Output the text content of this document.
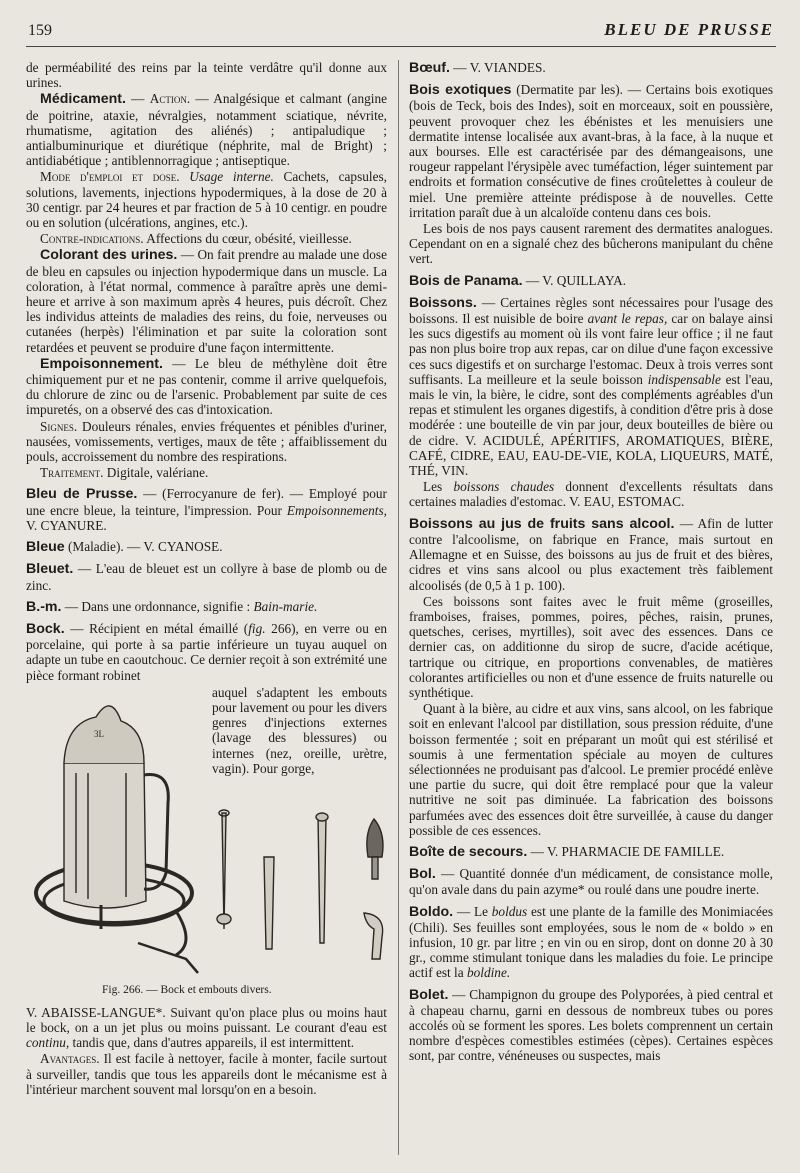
159	BLEU DE PRUSSE

de perméabilité des reins par la teinte verdâtre qu'il donne aux urines.

Médicament. — Action. — Analgésique et calmant (angine de poitrine, ataxie, névralgies, notamment sciatique, névrite, rhumatisme, agitation des aliénés) ; antipaludique ; antialbuminurique et diurétique (néphrite, mal de Bright) ; antidiabétique ; antiblennorragique ; antiseptique.

Mode d'emploi et dose. Usage interne. Cachets, capsules, solutions, lavements, injections hypodermiques, à la dose de 20 à 30 centigr. par 24 heures et par fraction de 5 à 10 centigr. en poudre ou en solution (ulcérations, angines, etc.).

Contre-indications. Affections du cœur, obésité, vieillesse.

Colorant des urines. — On fait prendre au malade une dose de bleu en capsules ou injection hypodermique dans un muscle. La coloration, à l'état normal, commence à paraître après une demi-heure et arrive à son maximum après 4 heures, puis décroît. Chez les individus atteints de maladies des reins, du foie, nerveuses ou cutanées (herpès) l'élimination et par suite la coloration sont retardées et peuvent se produire d'une façon intermittente.

Empoisonnement. — Le bleu de méthylène doit être chimiquement pur et ne pas contenir, comme il arrive quelquefois, du chlorure de zinc ou de l'arsenic. Probablement par suite de ces impuretés, on a observé des cas d'intoxication.

Signes. Douleurs rénales, envies fréquentes et pénibles d'uriner, nausées, vomissements, vertiges, maux de tête ; affaiblissement du pouls, accroissement du nombre des respirations.

Traitement. Digitale, valériane.

Bleu de Prusse. — (Ferrocyanure de fer). — Employé pour une encre bleue, la teinture, l'impression. Pour Empoisonnements, V. CYANURE.

Bleue (Maladie). — V. CYANOSE.

Bleuet. — L'eau de bleuet est un collyre à base de plomb ou de zinc.

B.-m. — Dans une ordonnance, signifie : Bain-marie.

Bock. — Récipient en métal émaillé (fig. 266), en verre ou en porcelaine, qui porte à sa partie inférieure un tuyau auquel on adapte un tube en caoutchouc. Ce dernier reçoit à son extrémité une pièce formant robinet

3L

auquel s'adaptent les embouts pour lavement ou pour les divers genres d'injections externes (lavage des blessures) ou internes (nez, oreille, urètre, vagin). Pour gorge,

Fig. 266. — Bock et embouts divers.

V. ABAISSE-LANGUE*. Suivant qu'on place plus ou moins haut le bock, on a un jet plus ou moins puissant. Le courant d'eau est continu, tandis que, dans d'autres appareils, il est intermittent.

Avantages. Il est facile à nettoyer, facile à monter, facile surtout à surveiller, tandis que tous les appareils dont le mécanisme est à l'intérieur marchent souvent mal lorsqu'on en a besoin.

Bœuf. — V. VIANDES.

Bois exotiques (Dermatite par les). — Certains bois exotiques (bois de Teck, bois des Indes), soit en morceaux, soit en poussière, peuvent provoquer chez les ébénistes et les menuisiers une dermatite intense localisée aux avant-bras, à la face, à la nuque et aux bourses. Elle est caractérisée par des démangeaisons, une rougeur rappelant l'érysipèle avec tuméfaction, léger suintement par endroits et formation consécutive de fines croûtelettes à couleur de miel. Une première atteinte prédispose à de nouvelles. Cette irritation paraît due à un alcaloïde contenu dans ces bois.

Les bois de nos pays causent rarement des dermatites analogues. Cependant on en a signalé chez des bûcherons manipulant du chêne vert.

Bois de Panama. — V. QUILLAYA.

Boissons. — Certaines règles sont nécessaires pour l'usage des boissons. Il est nuisible de boire avant le repas, car on balaye ainsi les sucs digestifs au moment où ils vont faire leur office ; il ne faut pas non plus boire trop aux repas, car on dilue d'une façon excessive ces sucs digestifs et on surcharge l'estomac. Deux à trois verres sont suffisants. La meilleure et la seule boisson indispensable est l'eau, mais le vin, la bière, le cidre, sont des compléments agréables d'un repas et stimulent les organes digestifs, à condition d'être pris à dose modérée : une bouteille de vin par jour, deux bouteilles de bière ou de cidre. V. ACIDULÉ, APÉRITIFS, AROMATIQUES, BIÈRE, CAFÉ, CIDRE, EAU, EAU-DE-VIE, KOLA, LIQUEURS, MATÉ, THÉ, VIN.

Les boissons chaudes donnent d'excellents résultats dans certaines maladies d'estomac. V. EAU, ESTOMAC.

Boissons au jus de fruits sans alcool. — Afin de lutter contre l'alcoolisme, on fabrique en France, mais surtout en Allemagne et en Suisse, des boissons au jus de fruit et des bières, cidres et vins sans alcool ou plus exactement très faiblement alcoolisés (de 0,5 à 1 p. 100).

Ces boissons sont faites avec le fruit même (groseilles, framboises, fraises, pommes, poires, pêches, raisin, prunes, quetsches, cerises, myrtilles), soit avec des essences. Dans ce dernier cas, on additionne du sirop de sucre, d'acide acétique, tartrique ou citrique, en proportions convenables, de matières colorantes artificielles ou non et d'une essence de fruits naturelle ou synthétique.

Quant à la bière, au cidre et aux vins, sans alcool, on les fabrique soit en enlevant l'alcool par distillation, sous pression réduite, d'une boisson fermentée ; soit en préparant un moût qui est stérilisé et soumis à une fermentation spéciale au moyen de cultures sélectionnées ne produisant pas d'alcool. Le premier procédé enlève une partie du sucre, qui doit être remplacé pour que la valeur nutritive ne soit pas diminuée. La fabrication des boissons parfumées avec des essences doit être surveillée, à cause du danger possible de ces essences.

Boîte de secours. — V. PHARMACIE DE FAMILLE.

Bol. — Quantité donnée d'un médicament, de consistance molle, qu'on avale dans du pain azyme* ou roulé dans une poudre inerte.

Boldo. — Le boldus est une plante de la famille des Monimiacées (Chili). Ses feuilles sont employées, sous le nom de « boldo » en infusion, 10 gr. par litre ; en vin ou en sirop, dont on donne 20 à 30 gr., comme stimulant tonique dans les maladies du foie. Le principe actif est la boldine.

Bolet. — Champignon du groupe des Polyporées, à pied central et à chapeau charnu, garni en dessous de nombreux tubes ou pores accolés où se forment les spores. Les bolets comprennent un certain nombre d'espèces comestibles estimées (cèpes). Certaines espèces sont, par contre, vénéneuses ou suspectes, mais
